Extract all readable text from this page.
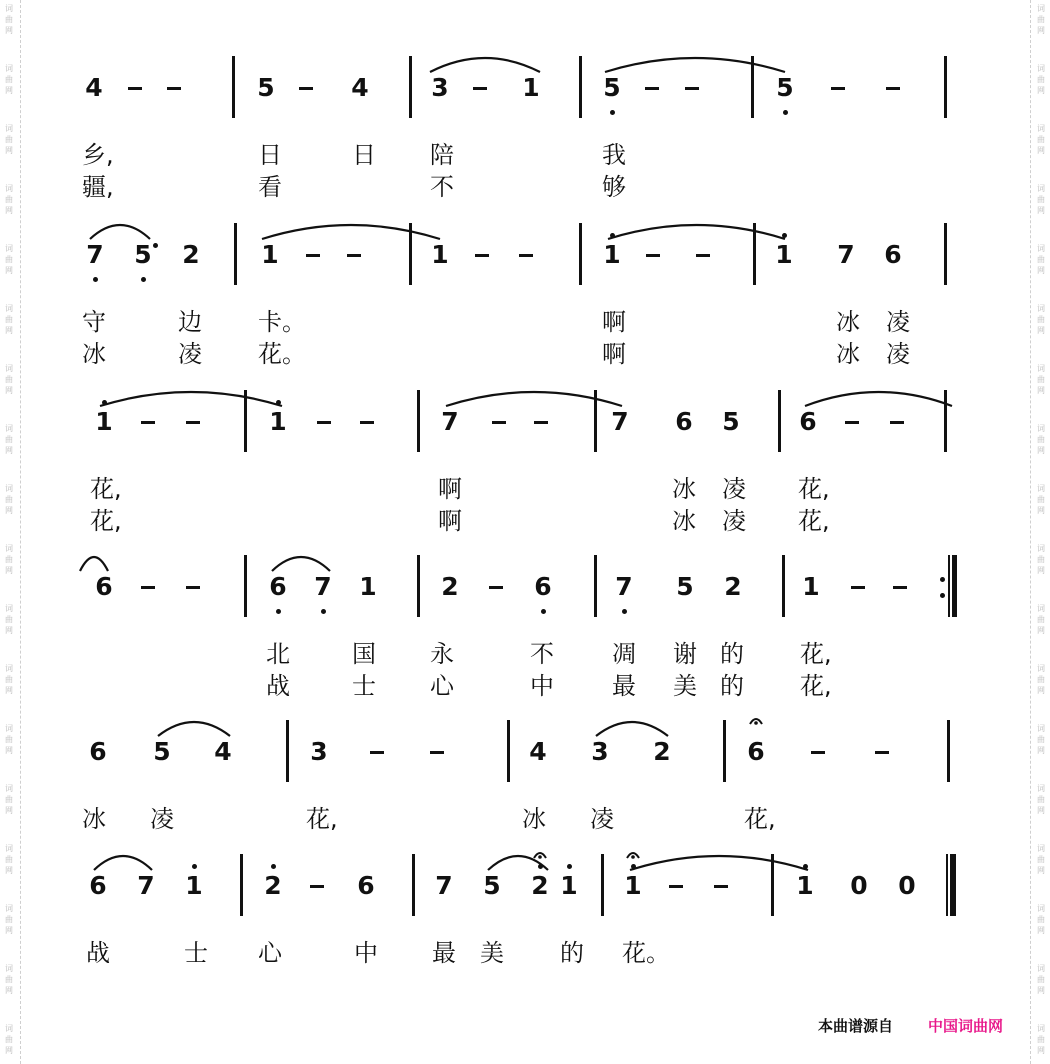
词
曲
网
词
曲
网
词
曲
网
词
曲
网
词
曲
网
词
曲
网
词
曲
网
词
曲
网
词
曲
网
词
曲
网
词
曲
网
词
曲
网
词
曲
网
词
曲
网
词
曲
网
词
曲
网
词
曲
网
词
曲
网
词
曲
网
词
曲
网
词
曲
网
词
曲
网
词
曲
网
词
曲
网
词
曲
网
词
曲
网
词
曲
网
词
曲
网
词
曲
网
词
曲
网
词
曲
网
词
曲
网
词
曲
网
词
曲
网
词
曲
网
词
曲
网
4	5	4	3	1	5	5
乡,	日	日 陪	我
疆,	看	不	够
7 5 2 1	1	1	1 7 6
守	边 卡。	啊	冰 凌
冰	凌 花。	啊	冰 凌
1	1	7	7 6 5 6
花,	啊	冰 凌 花,
花,	啊	冰 凌 花,
6	6 7 1	2	6	7 5 2 1
北	国 永	不 凋 谢 的 花,
战	士 心	中 最 美 的 花,
6 5 4	3	4 3 2	6
冰 凌	花,	冰 凌	花,
6 7 1 2	6 7 5 2 1 1	1 0 0
战	士 心	中 最 美 的 花。
本曲谱源自 中国词曲网
